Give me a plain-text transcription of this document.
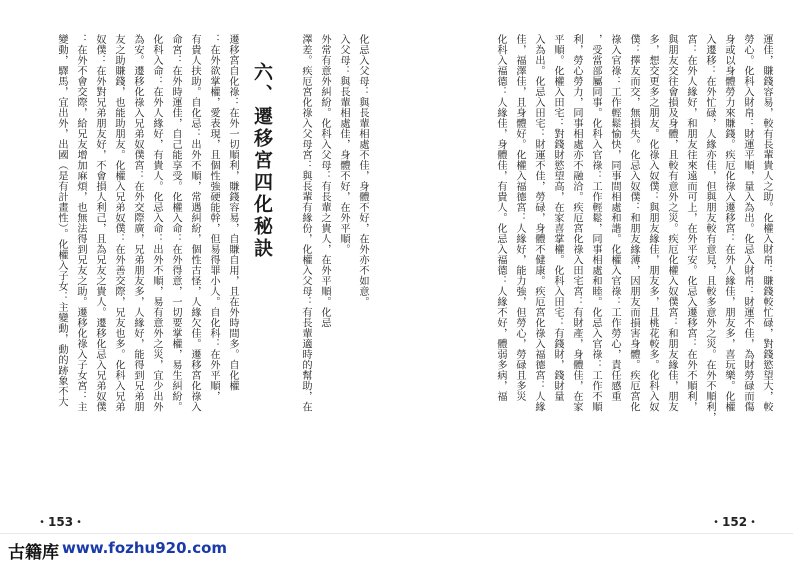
運佳，賺錢容易，較有長輩貴人之助。化權入財帛：賺錢較忙碌，對錢慾望大，較
勞心。化科入財帛：財運平順，量入為出。化忌入財帛：財運不佳，為財勞碌而傷
身或以身體勞力來賺錢。疾厄化祿入遷移宮：在外人緣佳，朋友多，喜玩樂。化權
入遷移：在外忙碌，人緣亦佳，但與朋友較有意見，且較多意外之災。在外不順利，
宮：在外人緣好，和朋友往來遠而可上，在外平安。化忌入遷移宮：在外不順利，
與朋友交往會損及身體，且較有意外之災。疾厄化權入奴僕宮：和朋友緣佳，朋友
多，想交更多之朋友。化祿入奴僕：與朋友緣佳，朋友多，且桃花較多。化科入奴
僕：擇友而交，無損失。化忌入奴僕：和朋友緣薄，因朋友而損害身體。疾厄宮化
祿入官祿：工作輕鬆愉快，同事間相處和諧。化權入官祿：工作勞心，責任感重
，受當部屬同事。化科入官祿：工作輕鬆，同事相處和睦。化忌入官祿：工作不順
利，勞心勞力，同事相處亦不融洽。疾厄宮化祿入田宅宮：有財產，身體佳，在家
平順。化權入田宅：對錢財慾望高，在家喜掌權。化科入田宅：有錢財，錢財量
入為出。化忌入田宅：財運不佳，勞碌，身體不健康。疾厄宮化祿入福德宮：人緣
佳，福澤佳，且身體好。化權入福德宮：人緣好，能力強，但勞心，勞碌且多災
化科入福德：人緣佳，身體佳，有貴人。化忌入福德：人緣不好，體弱多病，福
化忌入父母：與長輩相處不佳，身體不好，在外亦不如意。
入父母：與長輩相處佳，身體不好，在外平順。
外常有意外糾紛。化科入父母：有長輩之貴人，在外平順。化忌
澤差。疾厄宮化祿入父母宮：與長輩有緣份，化權入父母：有長輩適時的幫助，在
六、遷移宮四化秘訣
遷移宮自化祿：在外一切順利，賺錢容易，自賺自用，且在外時間多。自化權
：在外欲掌權，愛表現，且個性強硬能幹，但易得罪小人。自化科：在外平順，
有貴人扶助。自化忌：出外不順，常遇糾紛，個性古怪，人緣欠佳。遷移宮化祿入
命宮：在外時運佳，自己能享受。化權入命：在外得意，一切要掌權，易生糾紛。
化科入命：在外人緣好，有貴人。化忌入命：出外不順，易有意外之災，宜少出外
為安。遷移化祿入兄弟奴僕宮：在外交際廣，兄弟朋友多，人緣好，能得到兄弟朋
友之助賺錢，也能助朋友。化權入兄弟奴僕：在外善交際，兄友也多。化科入兄弟
奴僕：在外對兄弟朋友好，不會損人利己，且為兄友之貴人。遷移化忌入兄弟奴僕
：在外不會交際，給兄友增加麻煩，也無法得到兄友之助。遷移化祿入子女宮：主
變動，驛馬，宜出外，出國（是有計畫性）。化權入子女：主變動，動的跡象不大
・153・	・152・
古籍库 www.fozhu920.com
